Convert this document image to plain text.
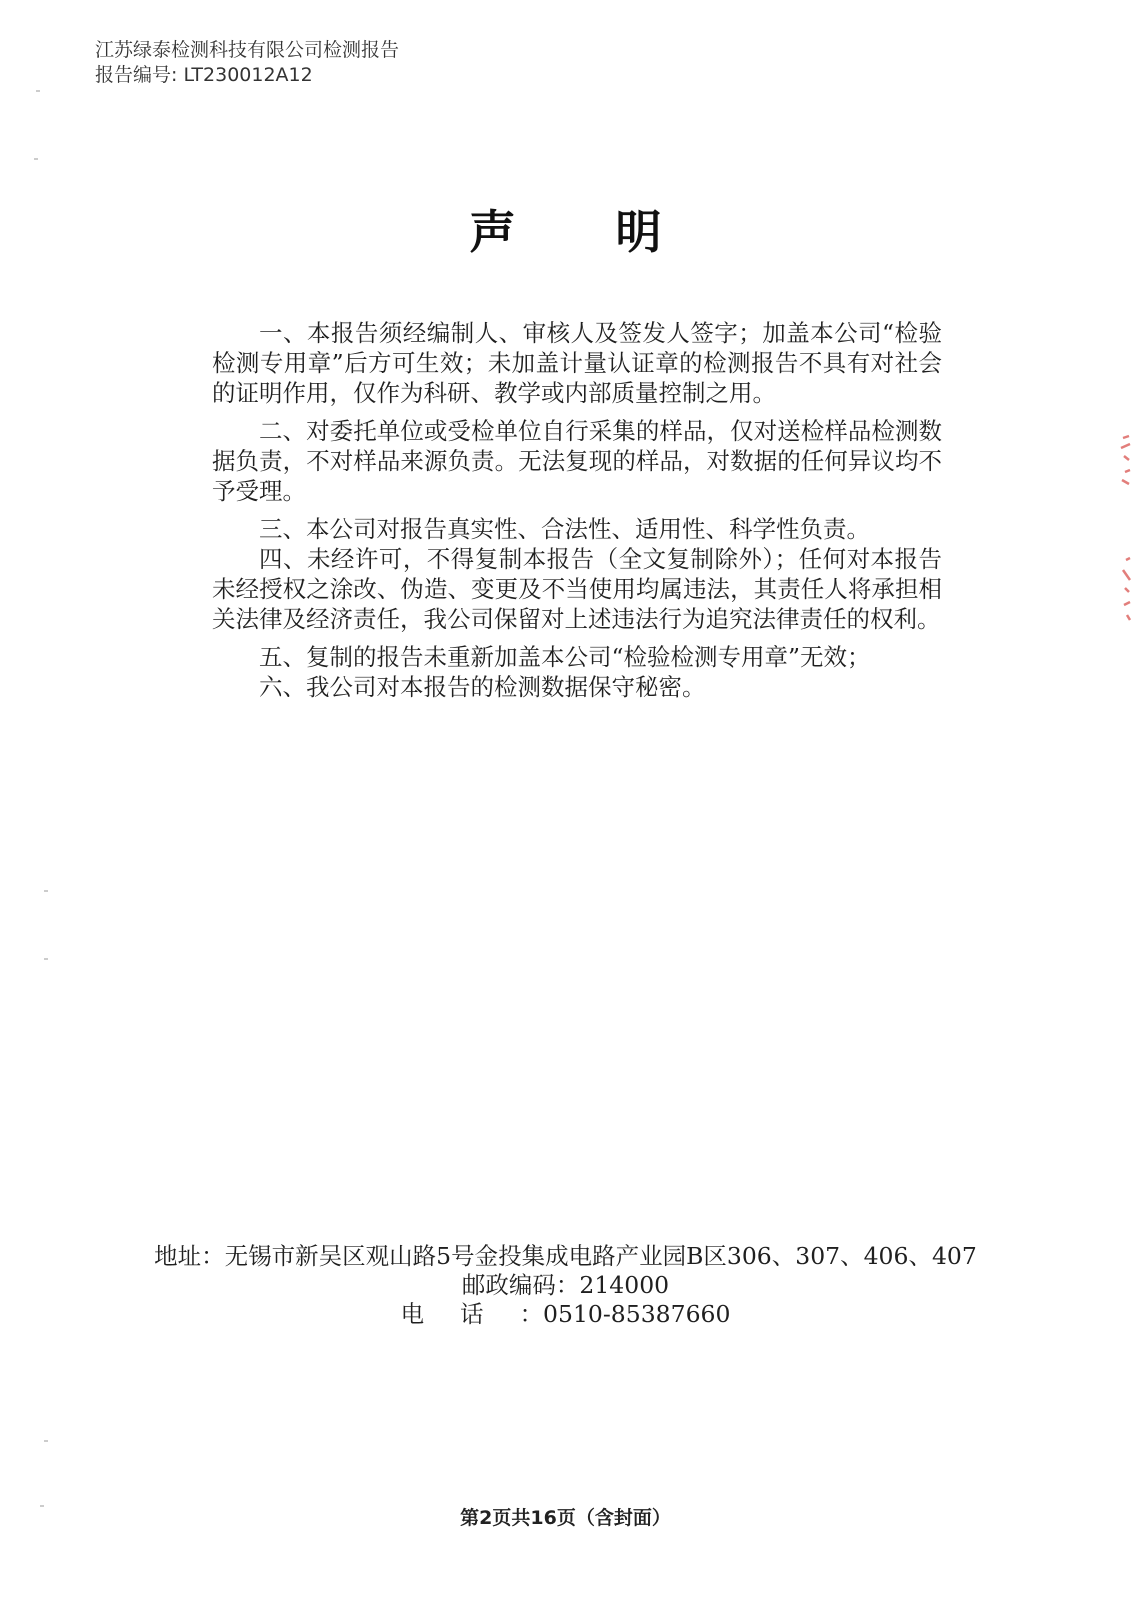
江苏绿泰检测科技有限公司检测报告
报告编号: LT230012A12
声 明

一、本报告须经编制人、审核人及签发人签字；加盖本公司“检验检测专用章”后方可生效；未加盖计量认证章的检测报告不具有对社会的证明作用，仅作为科研、教学或内部质量控制之用。

二、对委托单位或受检单位自行采集的样品，仅对送检样品检测数据负责，不对样品来源负责。无法复现的样品，对数据的任何异议均不予受理。

三、本公司对报告真实性、合法性、适用性、科学性负责。

四、未经许可，不得复制本报告（全文复制除外）；任何对本报告未经授权之涂改、伪造、变更及不当使用均属违法，其责任人将承担相关法律及经济责任，我公司保留对上述违法行为追究法律责任的权利。

五、复制的报告未重新加盖本公司“检验检测专用章”无效；

六、我公司对本报告的检测数据保守秘密。

地址：无锡市新吴区观山路5号金投集成电路产业园B区306、307、406、407
邮政编码：214000
电话：0510-85387660
第2页共16页（含封面）
